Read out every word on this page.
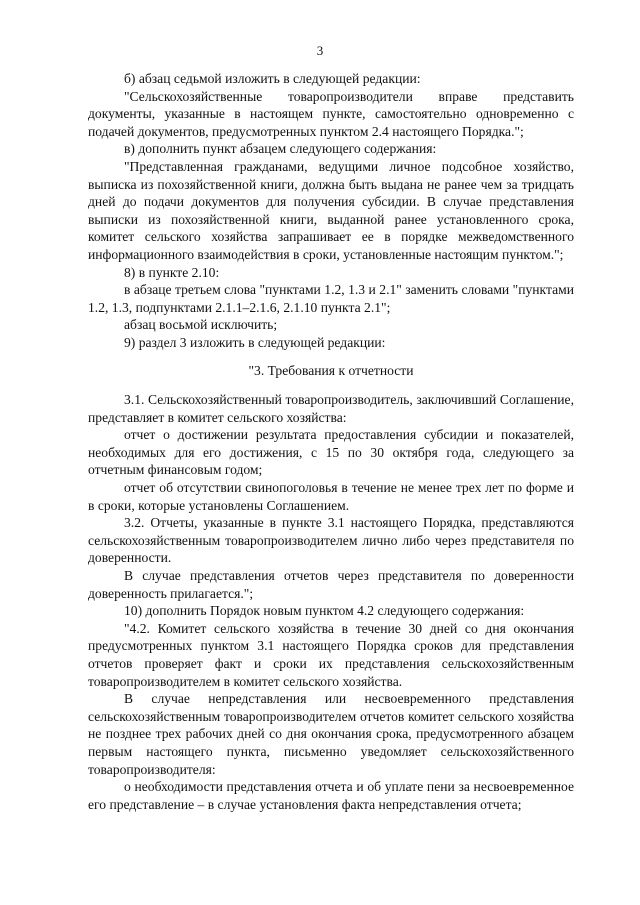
3

б) абзац седьмой изложить в следующей редакции:

"Сельскохозяйственные товаропроизводители вправе представить документы, указанные в настоящем пункте, самостоятельно одновременно с подачей документов, предусмотренных пунктом 2.4 настоящего Порядка.";

в) дополнить пункт абзацем следующего содержания:

"Представленная гражданами, ведущими личное подсобное хозяйство, выписка из похозяйственной книги, должна быть выдана не ранее чем за тридцать дней до подачи документов для получения субсидии. В случае представления выписки из похозяйственной книги, выданной ранее установленного срока, комитет сельского хозяйства запрашивает ее в порядке межведомственного информационного взаимодействия в сроки, установленные настоящим пунктом.";

8) в пункте 2.10:

в абзаце третьем слова "пунктами 1.2, 1.3 и 2.1" заменить словами "пунктами 1.2, 1.3, подпунктами 2.1.1–2.1.6, 2.1.10 пункта 2.1";

абзац восьмой исключить;

9) раздел 3 изложить в следующей редакции:

"3. Требования к отчетности

3.1. Сельскохозяйственный товаропроизводитель, заключивший Соглашение, представляет в комитет сельского хозяйства:

отчет о достижении результата предоставления субсидии и показателей, необходимых для его достижения, с 15 по 30 октября года, следующего за отчетным финансовым годом;

отчет об отсутствии свинопоголовья в течение не менее трех лет по форме и в сроки, которые установлены Соглашением.

3.2. Отчеты, указанные в пункте 3.1 настоящего Порядка, представляются сельскохозяйственным товаропроизводителем лично либо через представителя по доверенности.

В случае представления отчетов через представителя по доверенности доверенность прилагается.";

10) дополнить Порядок новым пунктом 4.2 следующего содержания:

"4.2. Комитет сельского хозяйства в течение 30 дней со дня окончания предусмотренных пунктом 3.1 настоящего Порядка сроков для представления отчетов проверяет факт и сроки их представления сельскохозяйственным товаропроизводителем в комитет сельского хозяйства.

В случае непредставления или несвоевременного представления сельскохозяйственным товаропроизводителем отчетов комитет сельского хозяйства не позднее трех рабочих дней со дня окончания срока, предусмотренного абзацем первым настоящего пункта, письменно уведомляет сельскохозяйственного товаропроизводителя:

о необходимости представления отчета и об уплате пени за несвоевременное его представление – в случае установления факта непредставления отчета;
